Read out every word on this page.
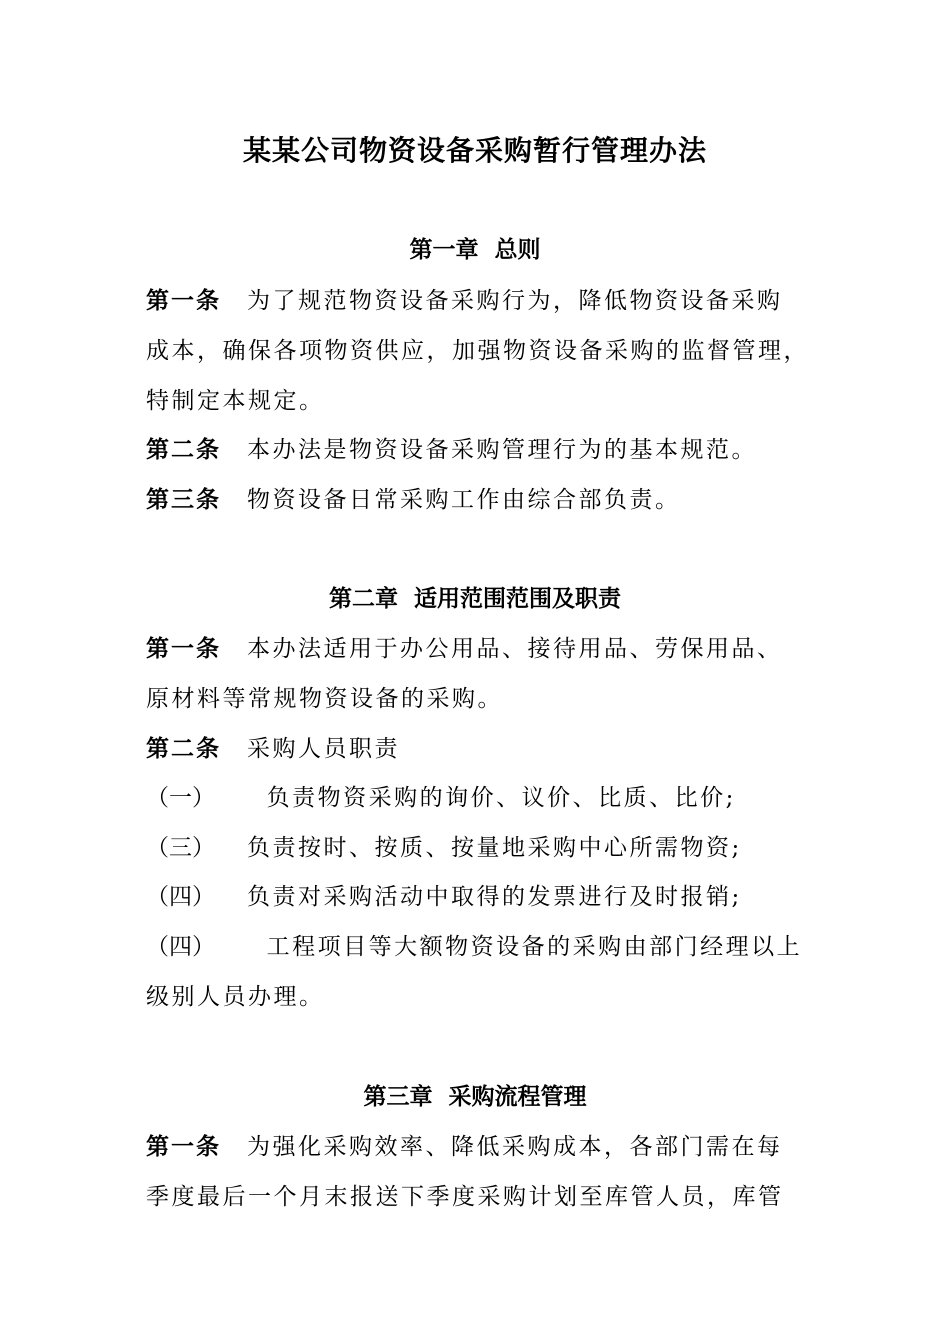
某某公司物资设备采购暂行管理办法
第一章  总则

第一条 为了规范物资设备采购行为，降低物资设备采购

成本，确保各项物资供应，加强物资设备采购的监督管理，

特制定本规定。

第二条 本办法是物资设备采购管理行为的基本规范。

第三条 物资设备日常采购工作由综合部负责。

第二章  适用范围范围及职责

第一条 本办法适用于办公用品、接待用品、劳保用品、

原材料等常规物资设备的采购。

第二条 采购人员职责

（一）  负责物资采购的询价、议价、比质、比价;

（三） 负责按时、按质、按量地采购中心所需物资;

（四） 负责对采购活动中取得的发票进行及时报销;

（四）  工程项目等大额物资设备的采购由部门经理以上

级别人员办理。

第三章  采购流程管理

第一条 为强化采购效率、降低采购成本，各部门需在每

季度最后一个月末报送下季度采购计划至库管人员，库管
